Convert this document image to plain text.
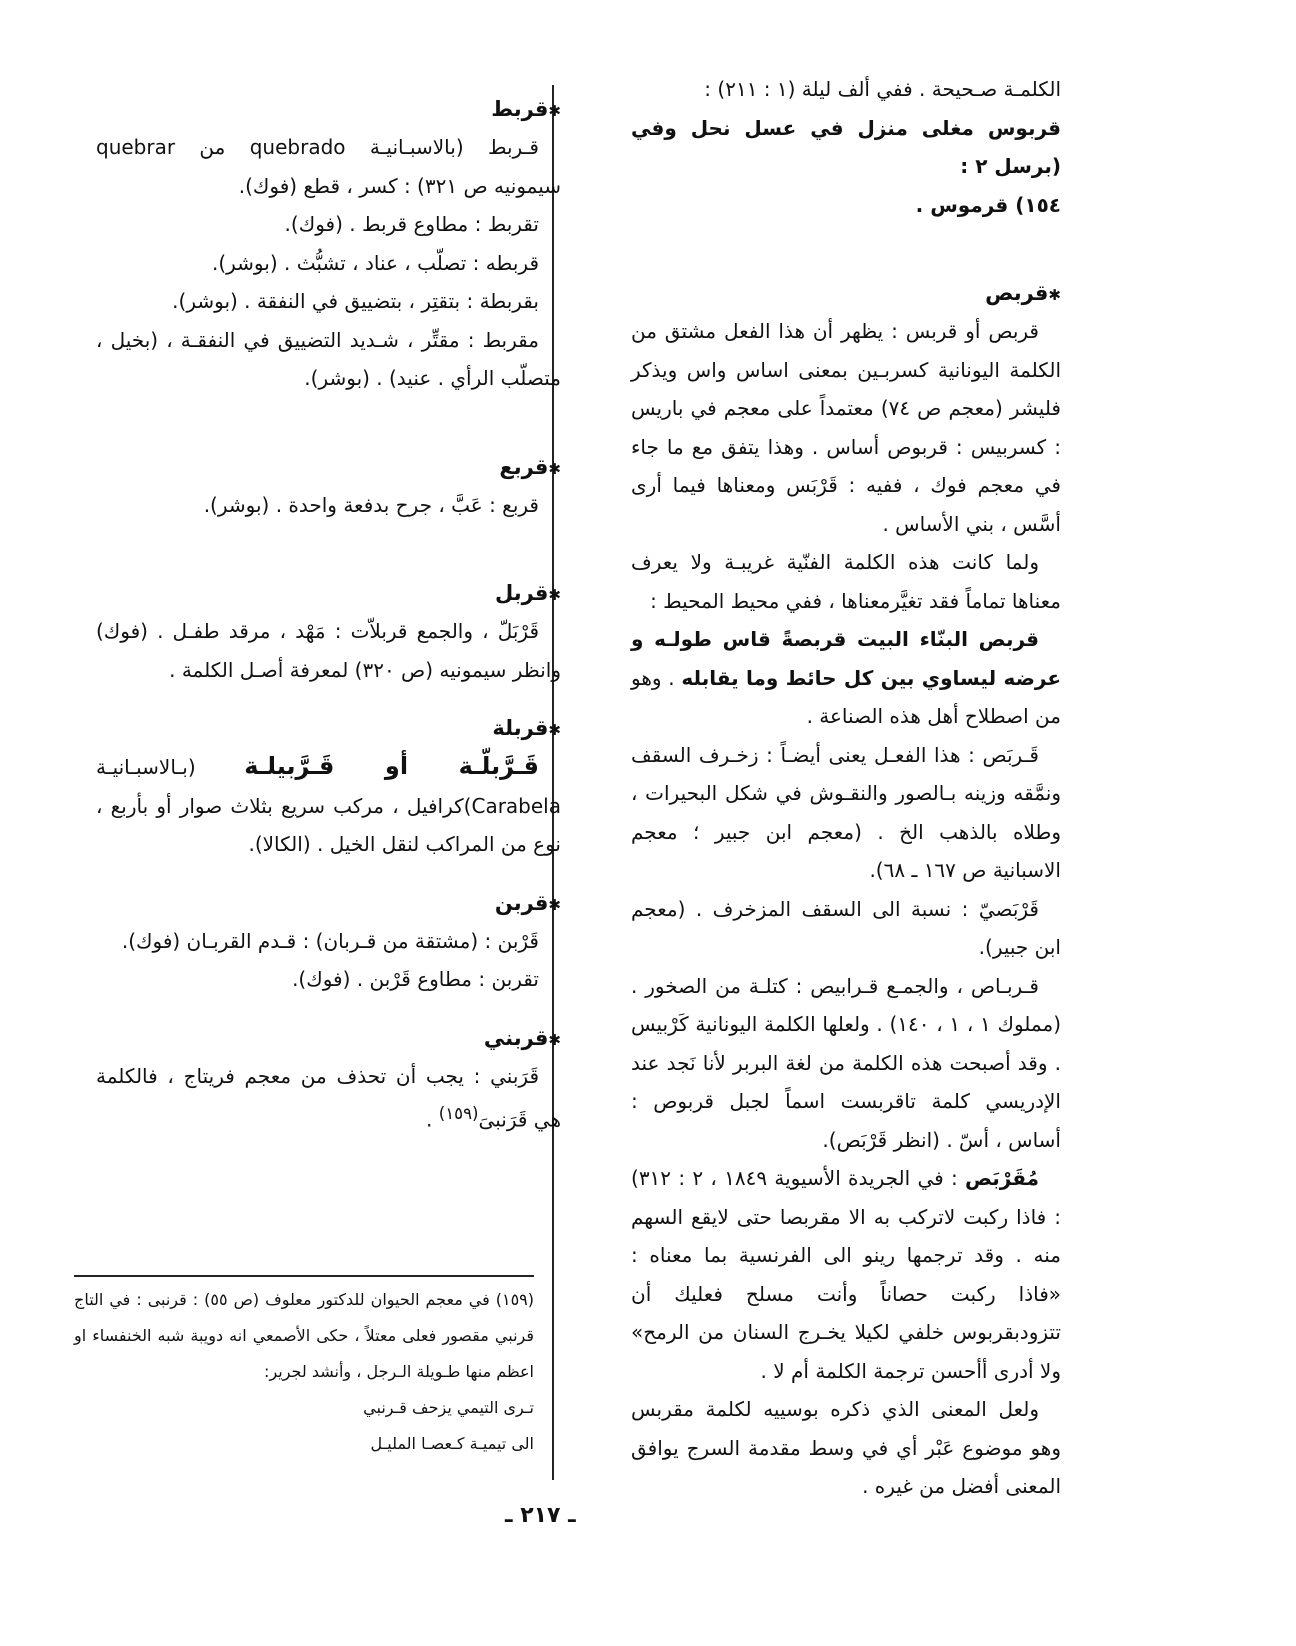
الكلمـة صـحيحة . ففي ألف ليلة (١ : ٢١١) :

قربوس مغلى منزل في عسل نحل وفي (برسل ٢ :

١٥٤) قرموس .

✱ قربص

قربص أو قربس : يظهر أن هذا الفعل مشتق من الكلمة اليونانية كسربـين بمعنى اساس واس ويذكر فليشر (معجم ص ٧٤) معتمداً على معجم في باريس : كسربيس : قربوص أساس . وهذا يتفق مع ما جاء في معجم فوك ، ففيه : قَرْبَس ومعناها فيما أرى أسَّس ، بني الأساس .

ولما كانت هذه الكلمة الفنّية غريبـة ولا يعرف معناها تماماً فقد تغيَّرمعناها ، ففي محيط المحيط :

قربص البنّاء البيت قربصةً قاس طولـه و عرضه ليساوي بين كل حائط وما يقابله . وهو من اصطلاح أهل هذه الصناعة .

قَـربَص : هذا الفعـل يعنى أيضـاً : زخـرف السقف ونمَّقه وزينه بـالصور والنقـوش في شكل البحيرات ، وطلاه بالذهب الخ . (معجم ابن جبير ؛ معجم الاسبانية ص ١٦٧ ـ ٦٨).

قَرْبَصيّ : نسبة الى السقف المزخرف . (معجم ابن جبير).

قـربـاص ، والجمـع قـرابيص : كتلـة من الصخور . (مملوك ١ ، ١ ، ١٤٠) . ولعلها الكلمة اليونانية كَرْبيس . وقد أصبحت هذه الكلمة من لغة البربر لأنا نَجد عند الإدريسي كلمة تاقربست اسماً لجبل قربوص : أساس ، أسّ . (انظر قَرْبَص).

مُقَرْبَص : في الجريدة الأسيوية ١٨٤٩ ، ٢ : ٣١٢) : فاذا ركبت لاتركب به الا مقربصا حتى لايقع السهم منه . وقد ترجمها رينو الى الفرنسية بما معناه : «فاذا ركبت حصاناً وأنت مسلح فعليك أن تتزودبقربوس خلفي لكيلا يخـرج السنان من الرمح» ولا أدرى أأحسن ترجمة الكلمة أم لا .

ولعل المعنى الذي ذكره بوسييه لكلمة مقربس وهو موضوع عَبْر أي في وسط مقدمة السرج يوافق المعنى أفضل من غيره .

✱ قربط

قـربط (بالاسبـانيـة quebrado من quebrar سيمونيه ص ٣٢١) : كسر ، قطع (فوك).

تقربط : مطاوع قربط . (فوك).

قربطه : تصلّب ، عناد ، تشبُّث . (بوشر).

بقربطة : بتقتِر ، بتضييق في النفقة . (بوشر).

مقربط : مقتِّر ، شـديد التضييق في النفقـة ، (بخيل ، متصلّب الرأي . عنيد) . (بوشر).

✱ قربع

قربع : عَبَّ ، جرح بدفعة واحدة . (بوشر).

✱ قربل

قَرْبَلّ ، والجمع قربلاّت : مَهْد ، مرقد طفـل . (فوك) وانظر سيمونيه (ص ٣٢٠) لمعرفة أصـل الكلمة .

✱ قربلة

قَـرَّبلّـة أو قَـرَّبيلـة (بـالاسبـانيـة Carabela)كرافيل ، مركب سريع بثلاث صوار أو بأربع ، نوع من المراكب لنقل الخيل . (الكالا).

✱ قربن

قَرْبن : (مشتقة من قـربان) : قـدم القربـان (فوك).

تقربن : مطاوع قَرْبن . (فوك).

✱ قربني

قَرَبني : يجب أن تحذف من معجم فريتاج ، فالكلمة هي قَرَنبىَ$^{(١٥٩)}$ .

(١٥٩) في معجم الحيوان للدكتور معلوف (ص ٥٥) : قرنبى : في التاج قرنبي مقصور فعلى معتلاً ، حكى الأصمعي انه دويبة شبه الخنفساء او اعظم منها طـويلة الـرجل ، وأنشد لجرير:

تـرى التيمي يزحف قـرنبي

الى تيميـة كـعصـا المليـل

ـ ٢١٧ ـ
